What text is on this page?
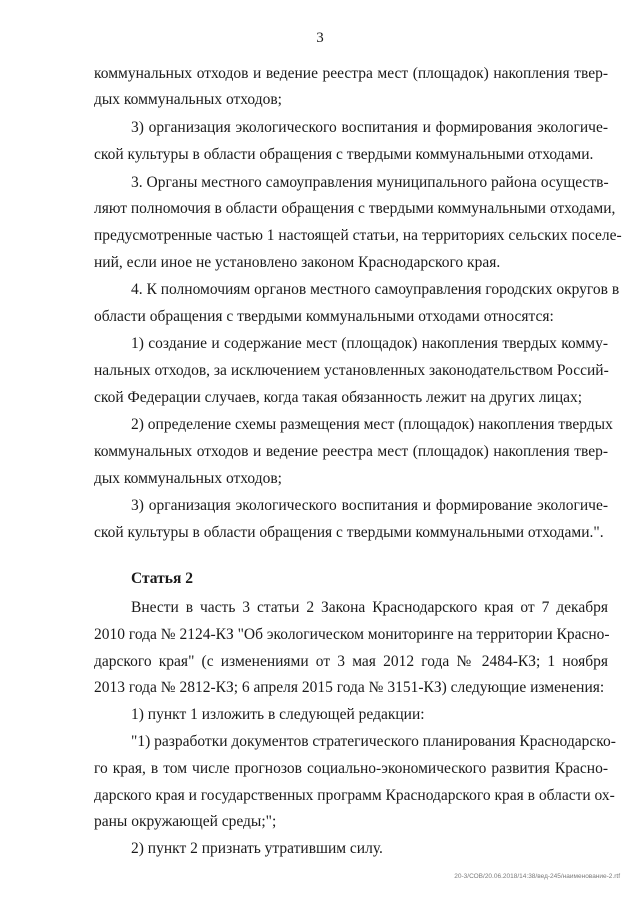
3
коммунальных отходов и ведение реестра мест (площадок) накопления твер-
дых коммунальных отходов;
3) организация экологического воспитания и формирования экологиче-
ской культуры в области обращения с твердыми коммунальными отходами.
3. Органы местного самоуправления муниципального района осуществ-
ляют полномочия в области обращения с твердыми коммунальными отходами,
предусмотренные частью 1 настоящей статьи, на территориях сельских поселе-
ний, если иное не установлено законом Краснодарского края.
4. К полномочиям органов местного самоуправления городских округов в
области обращения с твердыми коммунальными отходами относятся:
1) создание и содержание мест (площадок) накопления твердых комму-
нальных отходов, за исключением установленных законодательством Россий-
ской Федерации случаев, когда такая обязанность лежит на других лицах;
2) определение схемы размещения мест (площадок) накопления твердых
коммунальных отходов и ведение реестра мест (площадок) накопления твер-
дых коммунальных отходов;
3) организация экологического воспитания и формирование экологиче-
ской культуры в области обращения с твердыми коммунальными отходами.".
Статья 2
Внести в часть 3 статьи 2 Закона Краснодарского края от 7 декабря
2010 года № 2124-КЗ "Об экологическом мониторинге на территории Красно-
дарского края" (с изменениями от 3 мая 2012 года № 2484-КЗ; 1 ноября
2013 года № 2812-КЗ; 6 апреля 2015 года № 3151-КЗ) следующие изменения:
1) пункт 1 изложить в следующей редакции:
"1) разработки документов стратегического планирования Краснодарско-
го края, в том числе прогнозов социально-экономического развития Красно-
дарского края и государственных программ Краснодарского края в области ох-
раны окружающей среды;";
2) пункт 2 признать утратившим силу.
20-3/СОВ/20.06.2018/14:38/вед-245/наименование-2.rtf
